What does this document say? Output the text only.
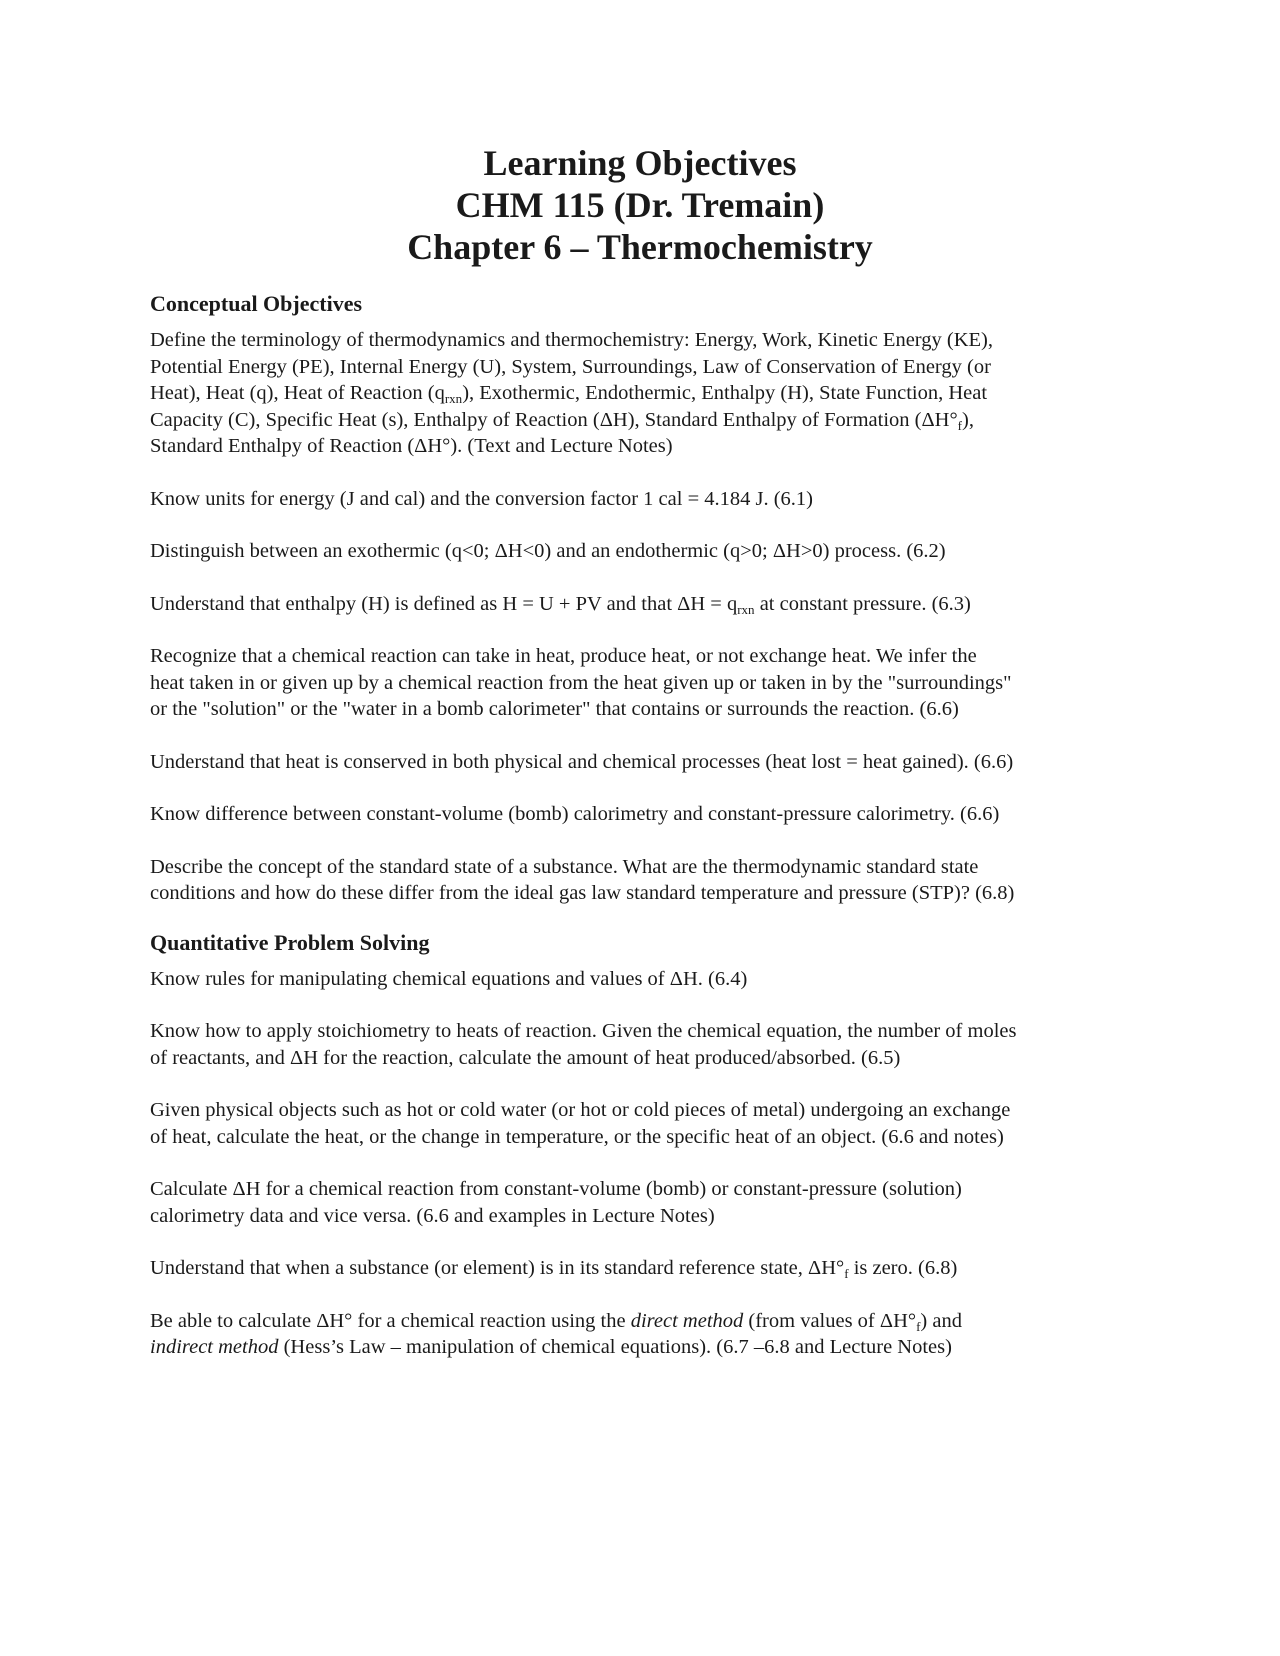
Learning Objectives
CHM 115 (Dr. Tremain)
Chapter 6 – Thermochemistry
Conceptual Objectives

Define the terminology of thermodynamics and thermochemistry: Energy, Work, Kinetic Energy (KE),
Potential Energy (PE), Internal Energy (U), System, Surroundings, Law of Conservation of Energy (or
Heat), Heat (q), Heat of Reaction $(q_{rxn})$, Exothermic, Endothermic, Enthalpy (H), State Function, Heat
Capacity (C), Specific Heat (s), Enthalpy of Reaction (ΔH), Standard Enthalpy of Formation $(\Delta H^\circ_f)$,
Standard Enthalpy of Reaction (ΔH°). (Text and Lecture Notes)

Know units for energy (J and cal) and the conversion factor 1 cal = 4.184 J. (6.1)

Distinguish between an exothermic (q<0; ΔH<0) and an endothermic (q>0; ΔH>0) process. (6.2)

Understand that enthalpy (H) is defined as H = U + PV and that $\Delta H = q_{rxn}$ at constant pressure. (6.3)

Recognize that a chemical reaction can take in heat, produce heat, or not exchange heat. We infer the
heat taken in or given up by a chemical reaction from the heat given up or taken in by the "surroundings"
or the "solution" or the "water in a bomb calorimeter" that contains or surrounds the reaction. (6.6)

Understand that heat is conserved in both physical and chemical processes (heat lost = heat gained). (6.6)

Know difference between constant-volume (bomb) calorimetry and constant-pressure calorimetry. (6.6)

Describe the concept of the standard state of a substance. What are the thermodynamic standard state
conditions and how do these differ from the ideal gas law standard temperature and pressure (STP)? (6.8)

Quantitative Problem Solving

Know rules for manipulating chemical equations and values of ΔH. (6.4)

Know how to apply stoichiometry to heats of reaction. Given the chemical equation, the number of moles
of reactants, and ΔH for the reaction, calculate the amount of heat produced/absorbed. (6.5)

Given physical objects such as hot or cold water (or hot or cold pieces of metal) undergoing an exchange
of heat, calculate the heat, or the change in temperature, or the specific heat of an object. (6.6 and notes)

Calculate ΔH for a chemical reaction from constant-volume (bomb) or constant-pressure (solution)
calorimetry data and vice versa. (6.6 and examples in Lecture Notes)

Understand that when a substance (or element) is in its standard reference state, $\Delta H^\circ_f$ is zero. (6.8)

Be able to calculate ΔH° for a chemical reaction using the direct method (from values of $\Delta H^\circ_f$) and
indirect method (Hess’s Law – manipulation of chemical equations). (6.7 –6.8 and Lecture Notes)
